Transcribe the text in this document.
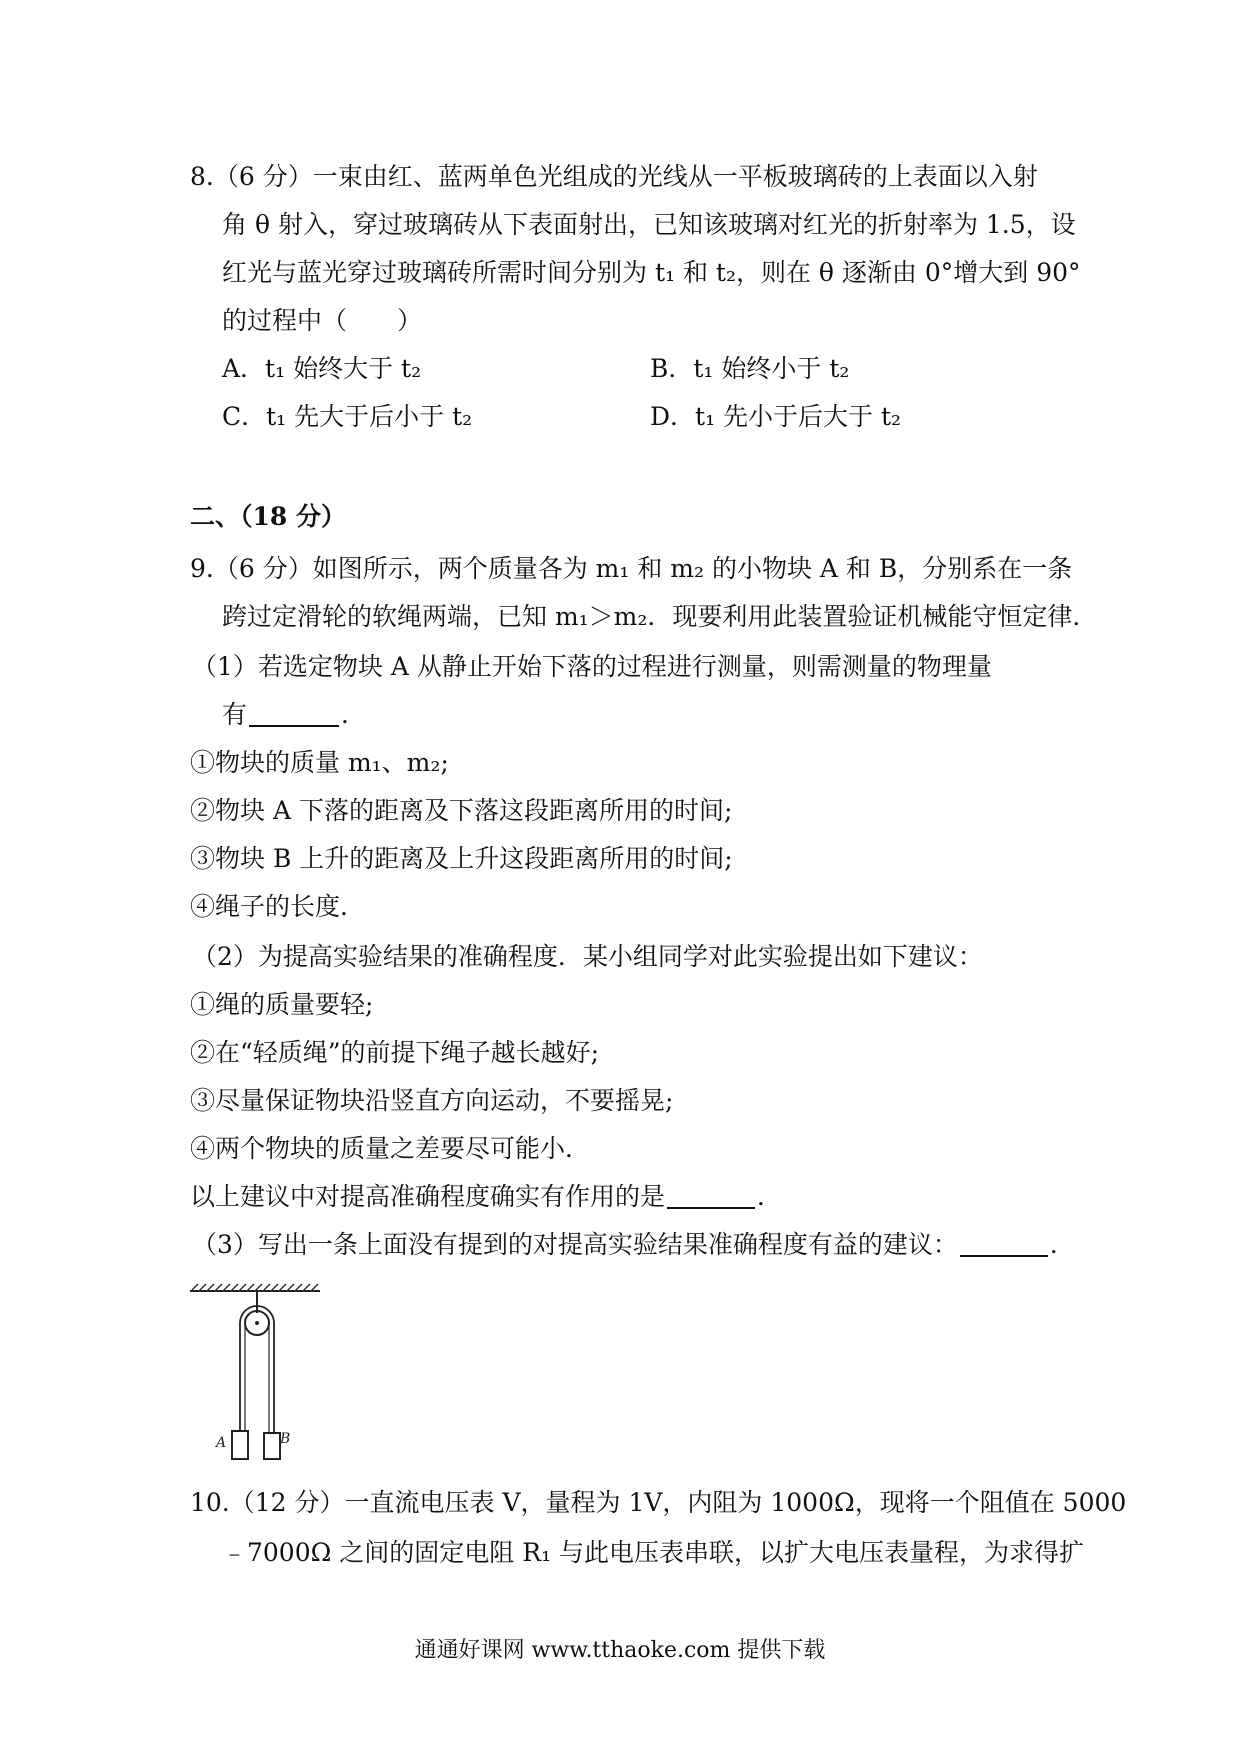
8.（6 分）一束由红、蓝两单色光组成的光线从一平板玻璃砖的上表面以入射
角 θ 射入，穿过玻璃砖从下表面射出，已知该玻璃对红光的折射率为 1.5，设
红光与蓝光穿过玻璃砖所需时间分别为 t₁ 和 t₂，则在 θ 逐渐由 0°增大到 90°
的过程中（　　）
A．t₁ 始终大于 t₂	B．t₁ 始终小于 t₂
C．t₁ 先大于后小于 t₂	D．t₁ 先小于后大于 t₂
二、（18 分）
9.（6 分）如图所示，两个质量各为 m₁ 和 m₂ 的小物块 A 和 B，分别系在一条
跨过定滑轮的软绳两端，已知 m₁＞m₂．现要利用此装置验证机械能守恒定律．
（1）若选定物块 A 从静止开始下落的过程进行测量，则需测量的物理量
有	．
①物块的质量 m₁、m₂;
②物块 A 下落的距离及下落这段距离所用的时间;
③物块 B 上升的距离及上升这段距离所用的时间;
④绳子的长度．
（2）为提高实验结果的准确程度．某小组同学对此实验提出如下建议：
①绳的质量要轻;
②在“轻质绳”的前提下绳子越长越好;
③尽量保证物块沿竖直方向运动，不要摇晃;
④两个物块的质量之差要尽可能小．
以上建议中对提高准确程度确实有作用的是	．
（3）写出一条上面没有提到的对提高实验结果准确程度有益的建议：	．
A	B
10.（12 分）一直流电压表 V，量程为 1V，内阻为 1000Ω，现将一个阻值在 5000
﹣7000Ω 之间的固定电阻 R₁ 与此电压表串联，以扩大电压表量程，为求得扩
通通好课网 www.tthaoke.com 提供下载
